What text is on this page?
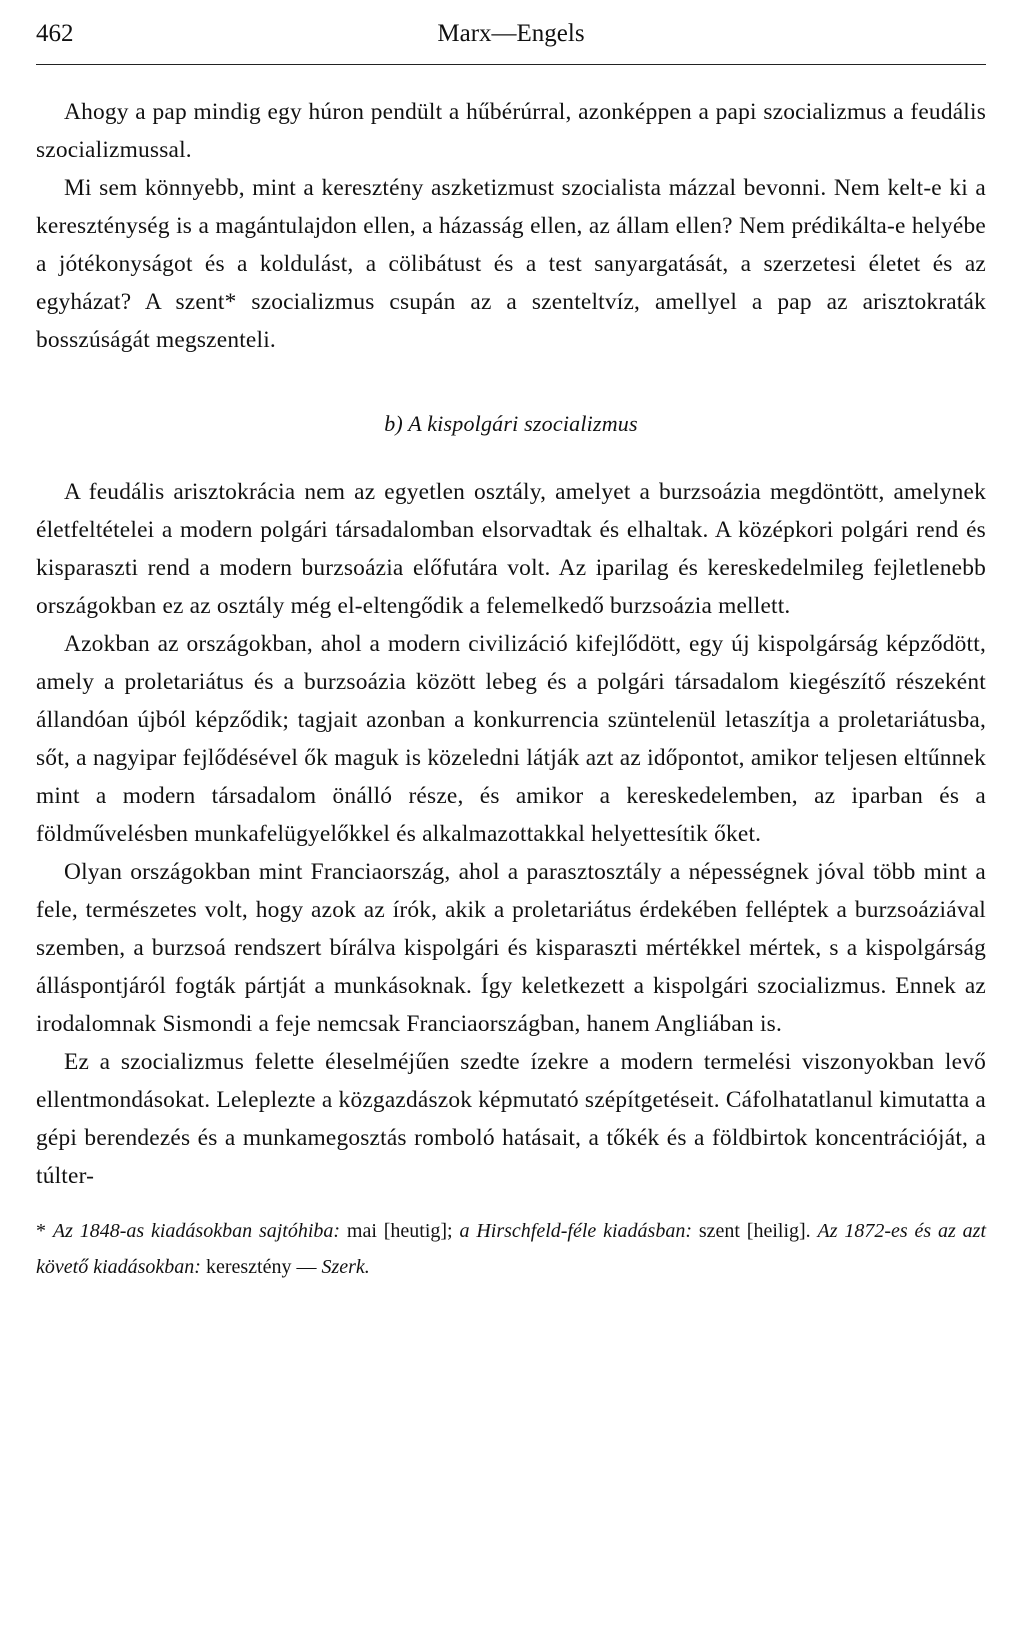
462	Marx—Engels

Ahogy a pap mindig egy húron pendült a hűbérúrral, azonképpen a papi szocializmus a feudális szocializmussal.

Mi sem könnyebb, mint a keresztény aszketizmust szocialista mázzal bevonni. Nem kelt-e ki a kereszténység is a magántulajdon ellen, a házasság ellen, az állam ellen? Nem prédikálta-e helyébe a jótékonyságot és a koldulást, a cölibátust és a test sanyargatását, a szerzetesi életet és az egyházat? A szent* szocializmus csupán az a szenteltvíz, amellyel a pap az arisztokraták bosszúságát megszenteli.

b) A kispolgári szocializmus

A feudális arisztokrácia nem az egyetlen osztály, amelyet a burzsoázia megdöntött, amelynek életfeltételei a modern polgári társadalomban elsorvadtak és elhaltak. A középkori polgári rend és kisparaszti rend a modern burzsoázia előfutára volt. Az iparilag és kereskedelmileg fejletlenebb országokban ez az osztály még el-eltengődik a felemelkedő burzsoázia mellett.

Azokban az országokban, ahol a modern civilizáció kifejlődött, egy új kispolgárság képződött, amely a proletariátus és a burzsoázia között lebeg és a polgári társadalom kiegészítő részeként állandóan újból képződik; tagjait azonban a konkurrencia szüntelenül letaszítja a proletariátusba, sőt, a nagyipar fejlődésével ők maguk is közeledni látják azt az időpontot, amikor teljesen eltűnnek mint a modern társadalom önálló része, és amikor a kereskedelemben, az iparban és a földművelésben munkafelügyelőkkel és alkalmazottakkal helyettesítik őket.

Olyan országokban mint Franciaország, ahol a parasztosztály a népességnek jóval több mint a fele, természetes volt, hogy azok az írók, akik a proletariátus érdekében felléptek a burzsoáziával szemben, a burzsoá rendszert bírálva kispolgári és kisparaszti mértékkel mértek, s a kispolgárság álláspontjáról fogták pártját a munkásoknak. Így keletkezett a kispolgári szocializmus. Ennek az irodalomnak Sismondi a feje nemcsak Franciaországban, hanem Angliában is.

Ez a szocializmus felette éleselméjűen szedte ízekre a modern termelési viszonyokban levő ellentmondásokat. Leleplezte a közgazdászok képmutató szépítgetéseit. Cáfolhatatlanul kimutatta a gépi berendezés és a munkamegosztás romboló hatásait, a tőkék és a földbirtok koncentrációját, a túlter-

* Az 1848-as kiadásokban sajtóhiba: mai [heutig]; a Hirschfeld-féle kiadásban: szent [heilig]. Az 1872-es és az azt követő kiadásokban: keresztény — Szerk.
